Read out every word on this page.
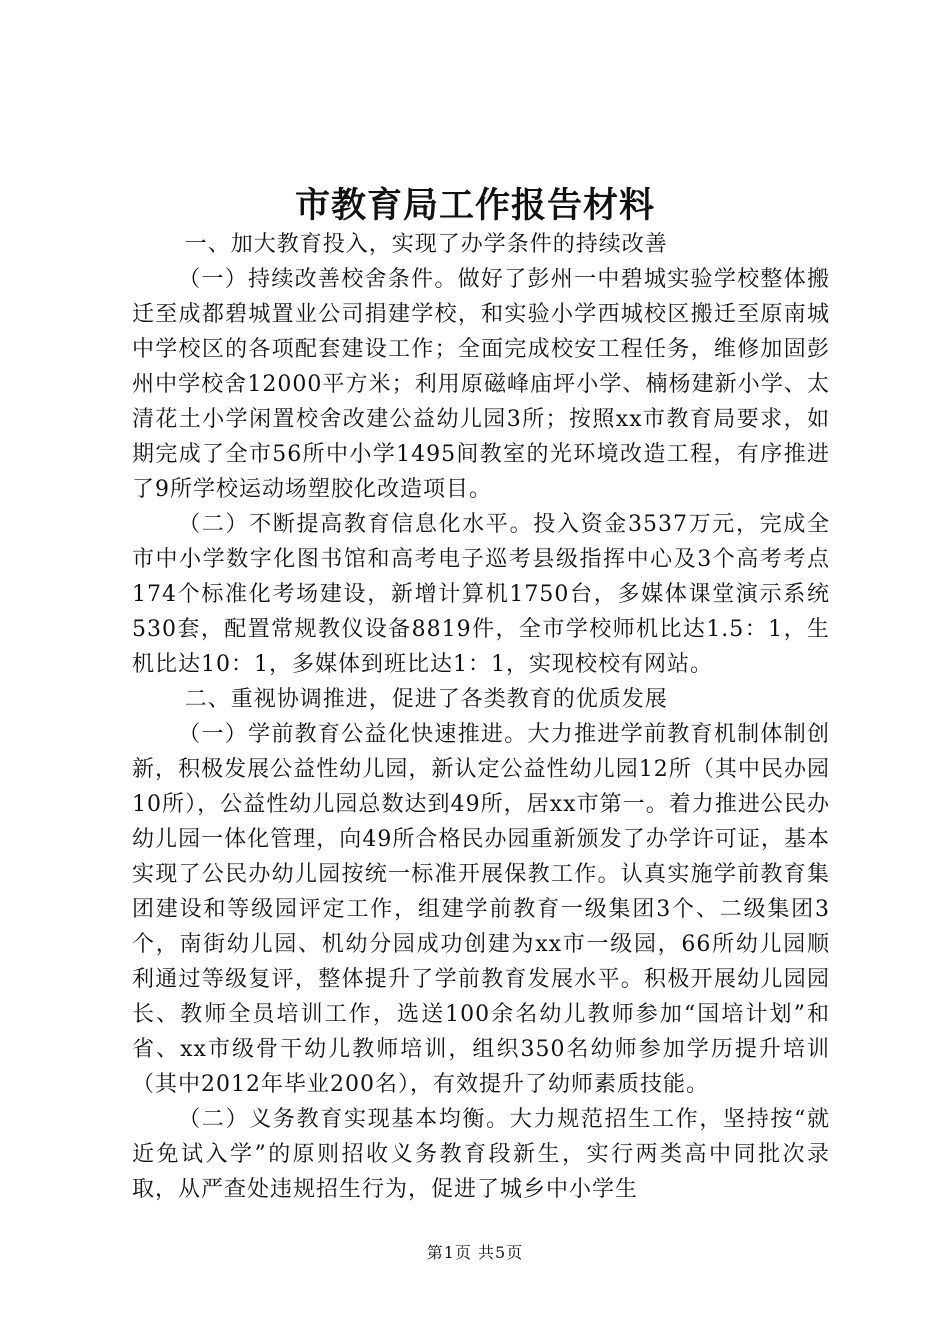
市教育局工作报告材料

一、加大教育投入，实现了办学条件的持续改善

（一）持续改善校舍条件。做好了彭州一中碧城实验学校整体搬迁至成都碧城置业公司捐建学校，和实验小学西城校区搬迁至原南城中学校区的各项配套建设工作；全面完成校安工程任务，维修加固彭州中学校舍12000平方米；利用原磁峰庙坪小学、楠杨建新小学、太清花土小学闲置校舍改建公益幼儿园3所；按照xx市教育局要求，如期完成了全市56所中小学1495间教室的光环境改造工程，有序推进了9所学校运动场塑胶化改造项目。

（二）不断提高教育信息化水平。投入资金3537万元，完成全市中小学数字化图书馆和高考电子巡考县级指挥中心及3个高考考点174个标准化考场建设，新增计算机1750台，多媒体课堂演示系统530套，配置常规教仪设备8819件，全市学校师机比达1.5：1，生机比达10：1，多媒体到班比达1：1，实现校校有网站。

二、重视协调推进，促进了各类教育的优质发展

（一）学前教育公益化快速推进。大力推进学前教育机制体制创新，积极发展公益性幼儿园，新认定公益性幼儿园12所（其中民办园10所），公益性幼儿园总数达到49所，居xx市第一。着力推进公民办幼儿园一体化管理，向49所合格民办园重新颁发了办学许可证，基本实现了公民办幼儿园按统一标准开展保教工作。认真实施学前教育集团建设和等级园评定工作，组建学前教育一级集团3个、二级集团3个，南街幼儿园、机幼分园成功创建为xx市一级园，66所幼儿园顺利通过等级复评，整体提升了学前教育发展水平。积极开展幼儿园园长、教师全员培训工作，选送100余名幼儿教师参加“国培计划”和省、xx市级骨干幼儿教师培训，组织350名幼师参加学历提升培训（其中2012年毕业200名），有效提升了幼师素质技能。

（二）义务教育实现基本均衡。大力规范招生工作，坚持按“就近免试入学”的原则招收义务教育段新生，实行两类高中同批次录取，从严查处违规招生行为，促进了城乡中小学生

第1页 共5页
